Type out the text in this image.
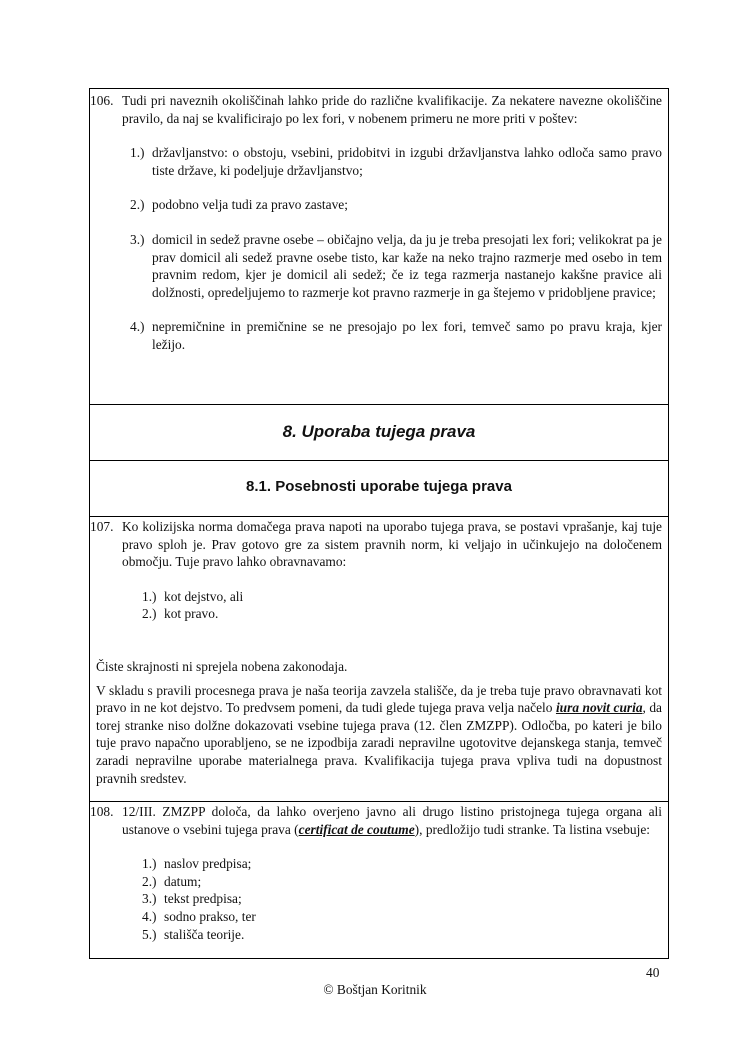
106. Tudi pri naveznih okoliščinah lahko pride do različne kvalifikacije. Za nekatere navezne okoliščine pravilo, da naj se kvalificirajo po lex fori, v nobenem primeru ne more priti v poštev:
1.) državljanstvo: o obstoju, vsebini, pridobitvi in izgubi državljanstva lahko odloča samo pravo tiste države, ki podeljuje državljanstvo;
2.) podobno velja tudi za pravo zastave;
3.) domicil in sedež pravne osebe – običajno velja, da ju je treba presojati lex fori; velikokrat pa je prav domicil ali sedež pravne osebe tisto, kar kaže na neko trajno razmerje med osebo in tem pravnim redom, kjer je domicil ali sedež; če iz tega razmerja nastanejo kakšne pravice ali dolžnosti, opredeljujemo to razmerje kot pravno razmerje in ga štejemo v pridobljene pravice;
4.) nepremičnine in premičnine se ne presojajo po lex fori, temveč samo po pravu kraja, kjer ležijo.
8. Uporaba tujega prava
8.1. Posebnosti uporabe tujega prava
107. Ko kolizijska norma domačega prava napoti na uporabo tujega prava, se postavi vprašanje, kaj tuje pravo sploh je. Prav gotovo gre za sistem pravnih norm, ki veljajo in učinkujejo na določenem območju. Tuje pravo lahko obravnavamo:
1.) kot dejstvo, ali
2.) kot pravo.
Čiste skrajnosti ni sprejela nobena zakonodaja.
V skladu s pravili procesnega prava je naša teorija zavzela stališče, da je treba tuje pravo obravnavati kot pravo in ne kot dejstvo. To predvsem pomeni, da tudi glede tujega prava velja načelo iura novit curia, da torej stranke niso dolžne dokazovati vsebine tujega prava (12. člen ZMZPP). Odločba, po kateri je bilo tuje pravo napačno uporabljeno, se ne izpodbija zaradi nepravilne ugotovitve dejanskega stanja, temveč zaradi nepravilne uporabe materialnega prava. Kvalifikacija tujega prava vpliva tudi na dopustnost pravnih sredstev.
108. 12/III. ZMZPP določa, da lahko overjeno javno ali drugo listino pristojnega tujega organa ali ustanove o vsebini tujega prava (certificat de coutume), predložijo tudi stranke. Ta listina vsebuje:
1.) naslov predpisa;
2.) datum;
3.) tekst predpisa;
4.) sodno prakso, ter
5.) stališča teorije.
40
© Boštjan Koritnik
